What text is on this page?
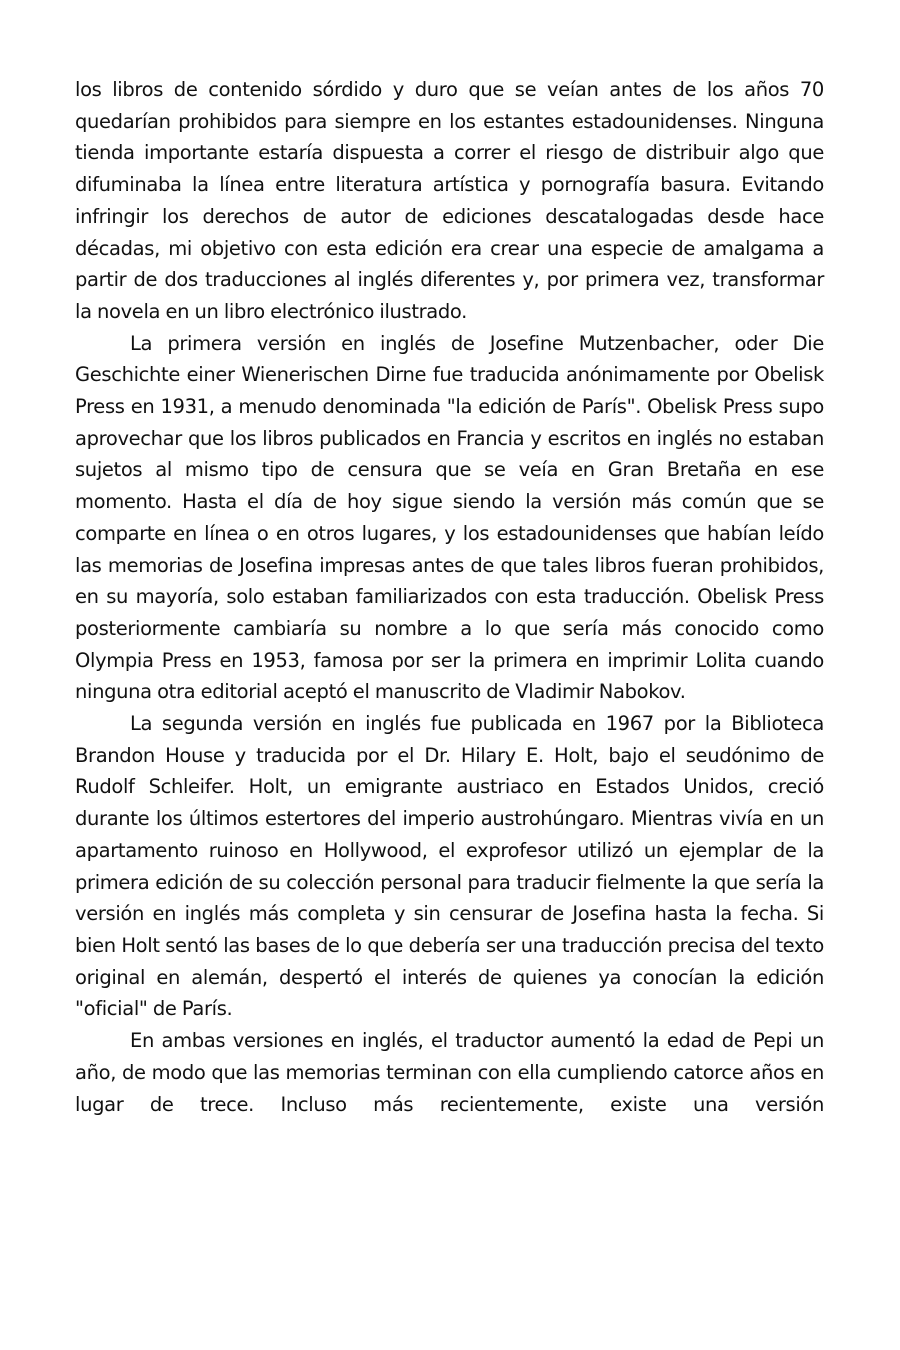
los libros de contenido sórdido y duro que se veían antes de los años 70 quedarían prohibidos para siempre en los estantes estadounidenses. Ninguna tienda importante estaría dispuesta a correr el riesgo de distribuir algo que difuminaba la línea entre literatura artística y pornografía basura. Evitando infringir los derechos de autor de ediciones descatalogadas desde hace décadas, mi objetivo con esta edición era crear una especie de amalgama a partir de dos traducciones al inglés diferentes y, por primera vez, transformar la novela en un libro electrónico ilustrado.

La primera versión en inglés de Josefine Mutzenbacher, oder Die Geschichte einer Wienerischen Dirne fue traducida anónimamente por Obelisk Press en 1931, a menudo denominada "la edición de París". Obelisk Press supo aprovechar que los libros publicados en Francia y escritos en inglés no estaban sujetos al mismo tipo de censura que se veía en Gran Bretaña en ese momento. Hasta el día de hoy sigue siendo la versión más común que se comparte en línea o en otros lugares, y los estadounidenses que habían leído las memorias de Josefina impresas antes de que tales libros fueran prohibidos, en su mayoría, solo estaban familiarizados con esta traducción. Obelisk Press posteriormente cambiaría su nombre a lo que sería más conocido como Olympia Press en 1953, famosa por ser la primera en imprimir Lolita cuando ninguna otra editorial aceptó el manuscrito de Vladimir Nabokov.

La segunda versión en inglés fue publicada en 1967 por la Biblioteca Brandon House y traducida por el Dr. Hilary E. Holt, bajo el seudónimo de Rudolf Schleifer. Holt, un emigrante austriaco en Estados Unidos, creció durante los últimos estertores del imperio austrohúngaro. Mientras vivía en un apartamento ruinoso en Hollywood, el exprofesor utilizó un ejemplar de la primera edición de su colección personal para traducir fielmente la que sería la versión en inglés más completa y sin censurar de Josefina hasta la fecha. Si bien Holt sentó las bases de lo que debería ser una traducción precisa del texto original en alemán, despertó el interés de quienes ya conocían la edición "oficial" de París.

En ambas versiones en inglés, el traductor aumentó la edad de Pepi un año, de modo que las memorias terminan con ella cumpliendo catorce años en lugar de trece. Incluso más recientemente, existe una versión
